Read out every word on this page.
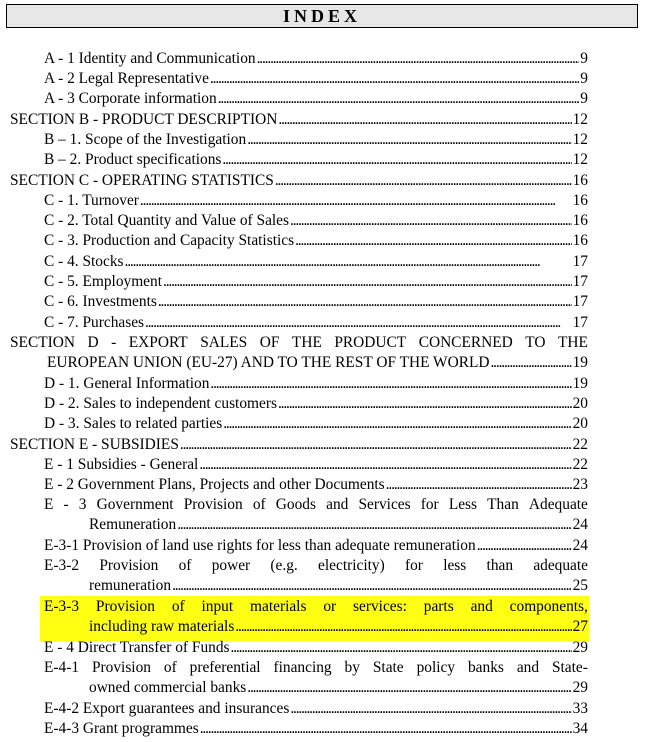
INDEX
A - 1 Identity and Communication . . .	9
A - 2 Legal Representative . . .	9
A - 3 Corporate information . . .	9
SECTION B - PRODUCT DESCRIPTION . . .	12
B – 1. Scope of the Investigation . . .	12
B – 2. Product specifications . . .	12
SECTION C - OPERATING STATISTICS . . .	16
C - 1. Turnover . . .	16
C - 2. Total Quantity and Value of Sales . . .	16
C - 3. Production and Capacity Statistics . . .	16
C - 4. Stocks . . .	17
C - 5. Employment . . .	17
C - 6. Investments . . .	17
C - 7. Purchases . . .	17
SECTION D - EXPORT SALES OF THE PRODUCT CONCERNED TO THE
EUROPEAN UNION (EU-27) AND TO THE REST OF THE WORLD . . .	19
D - 1. General Information . . .	19
D - 2. Sales to independent customers . . .	20
D - 3. Sales to related parties . . .	20
SECTION E - SUBSIDIES . . .	22
E - 1 Subsidies - General . . .	22
E - 2 Government Plans, Projects and other Documents . . .	23
E - 3 Government Provision of Goods and Services for Less Than Adequate
Remuneration . . .	24
E-3-1 Provision of land use rights for less than adequate remuneration . . .	24
E-3-2 Provision of power (e.g. electricity) for less than adequate
remuneration . . .	25
E-3-3 Provision of input materials or services: parts and components,
including raw materials . . .	27
E - 4 Direct Transfer of Funds . . .	29
E-4-1 Provision of preferential financing by State policy banks and State-
owned commercial banks . . .	29
E-4-2 Export guarantees and insurances . . .	33
E-4-3 Grant programmes . . .	34
